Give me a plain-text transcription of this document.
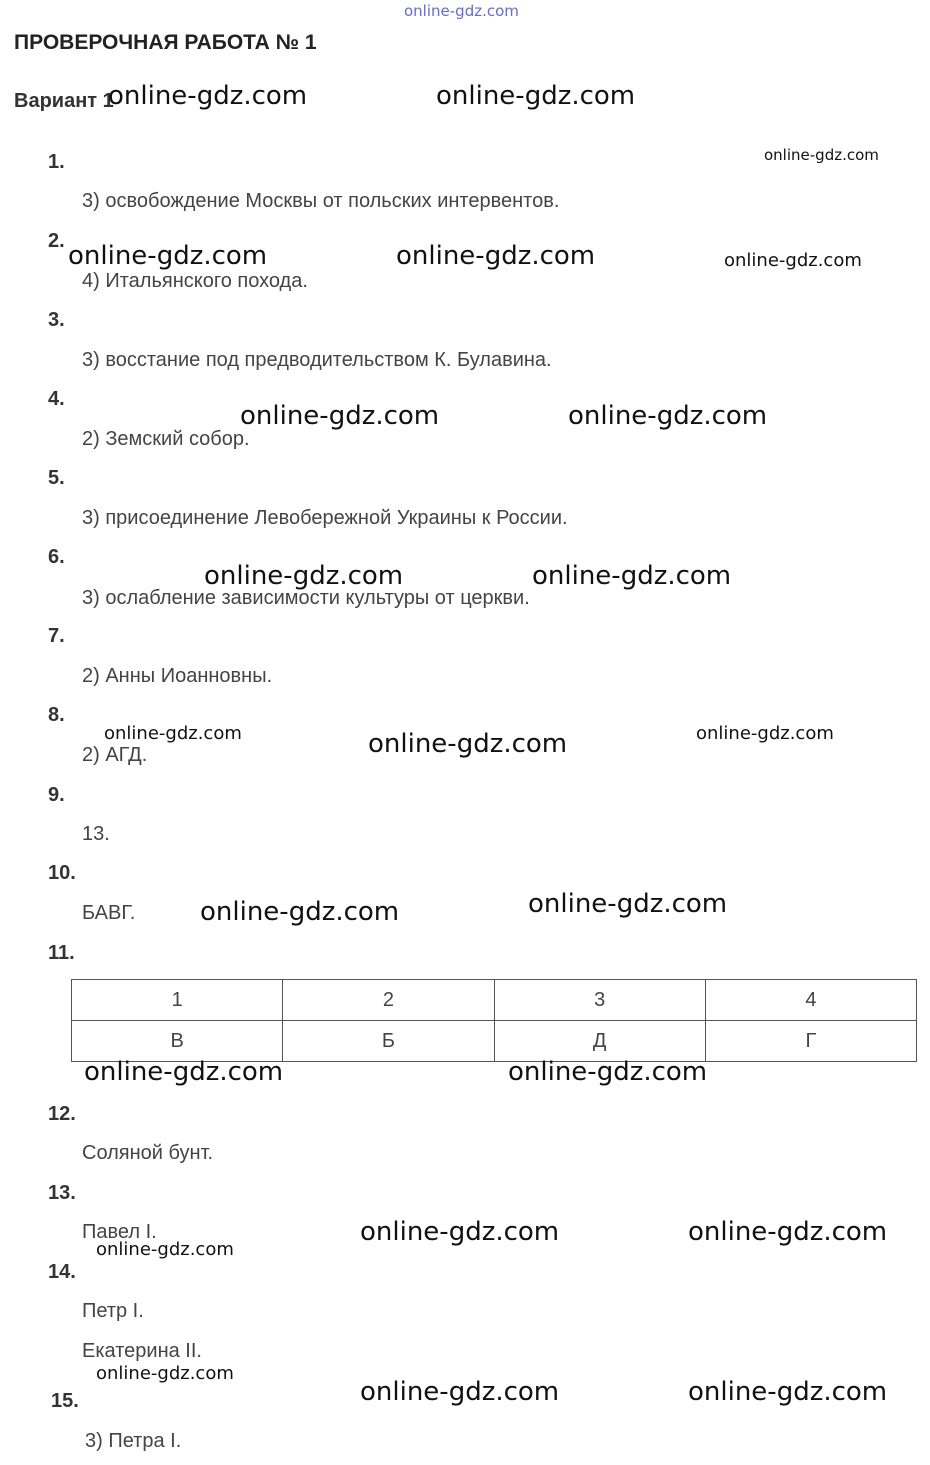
online-gdz.com
ПРОВЕРОЧНАЯ РАБОТА № 1
Вариант 1
1.
3) освобождение Москвы от польских интервентов.
2.
4) Итальянского похода.
3.
3) восстание под предводительством К. Булавина.
4.
2) Земский собор.
5.
3) присоединение Левобережной Украины к России.
6.
3) ослабление зависимости культуры от церкви.
7.
2) Анны Иоанновны.
8.
2) АГД.
9.
13.
10.
БАВГ.
11.
1	2	3	4
В	Б	Д	Г
12.
Соляной бунт.
13.
Павел I.
14.
Петр I.
Екатерина II.
15.
3) Петра I.
online-gdz.com	online-gdz.com
online-gdz.com
online-gdz.com	online-gdz.com	online-gdz.com
online-gdz.com	online-gdz.com
online-gdz.com	online-gdz.com
online-gdz.com	online-gdz.com	online-gdz.com
online-gdz.com	online-gdz.com
online-gdz.com	online-gdz.com
online-gdz.com	online-gdz.com
online-gdz.com
online-gdz.com
online-gdz.com	online-gdz.com
